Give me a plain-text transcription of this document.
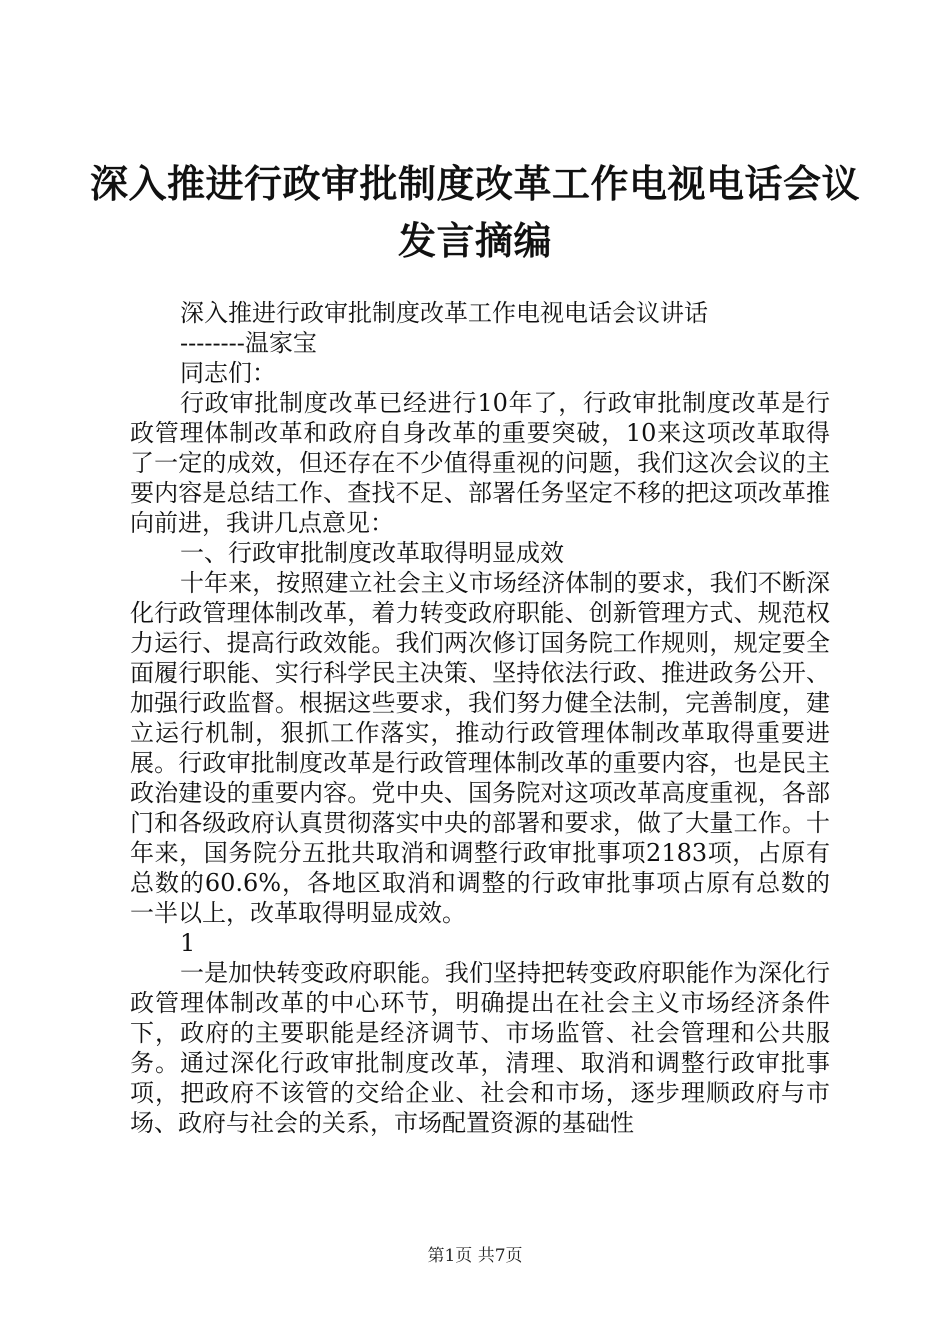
深入推进行政审批制度改革工作电视电话会议
发言摘编

深入推进行政审批制度改革工作电视电话会议讲话

--------温家宝

同志们：

行政审批制度改革已经进行10年了，行政审批制度改革是行政管理体制改革和政府自身改革的重要突破，10来这项改革取得了一定的成效，但还存在不少值得重视的问题，我们这次会议的主要内容是总结工作、查找不足、部署任务坚定不移的把这项改革推向前进，我讲几点意见：

一、行政审批制度改革取得明显成效

十年来，按照建立社会主义市场经济体制的要求，我们不断深化行政管理体制改革，着力转变政府职能、创新管理方式、规范权力运行、提高行政效能。我们两次修订国务院工作规则，规定要全面履行职能、实行科学民主决策、坚持依法行政、推进政务公开、加强行政监督。根据这些要求，我们努力健全法制，完善制度，建立运行机制，狠抓工作落实，推动行政管理体制改革取得重要进展。行政审批制度改革是行政管理体制改革的重要内容，也是民主政治建设的重要内容。党中央、国务院对这项改革高度重视，各部门和各级政府认真贯彻落实中央的部署和要求，做了大量工作。十年来，国务院分五批共取消和调整行政审批事项2183项，占原有总数的60.6%，各地区取消和调整的行政审批事项占原有总数的一半以上，改革取得明显成效。

1

一是加快转变政府职能。我们坚持把转变政府职能作为深化行政管理体制改革的中心环节，明确提出在社会主义市场经济条件下，政府的主要职能是经济调节、市场监管、社会管理和公共服务。通过深化行政审批制度改革，清理、取消和调整行政审批事项，把政府不该管的交给企业、社会和市场，逐步理顺政府与市场、政府与社会的关系，市场配置资源的基础性

第1页 共7页
